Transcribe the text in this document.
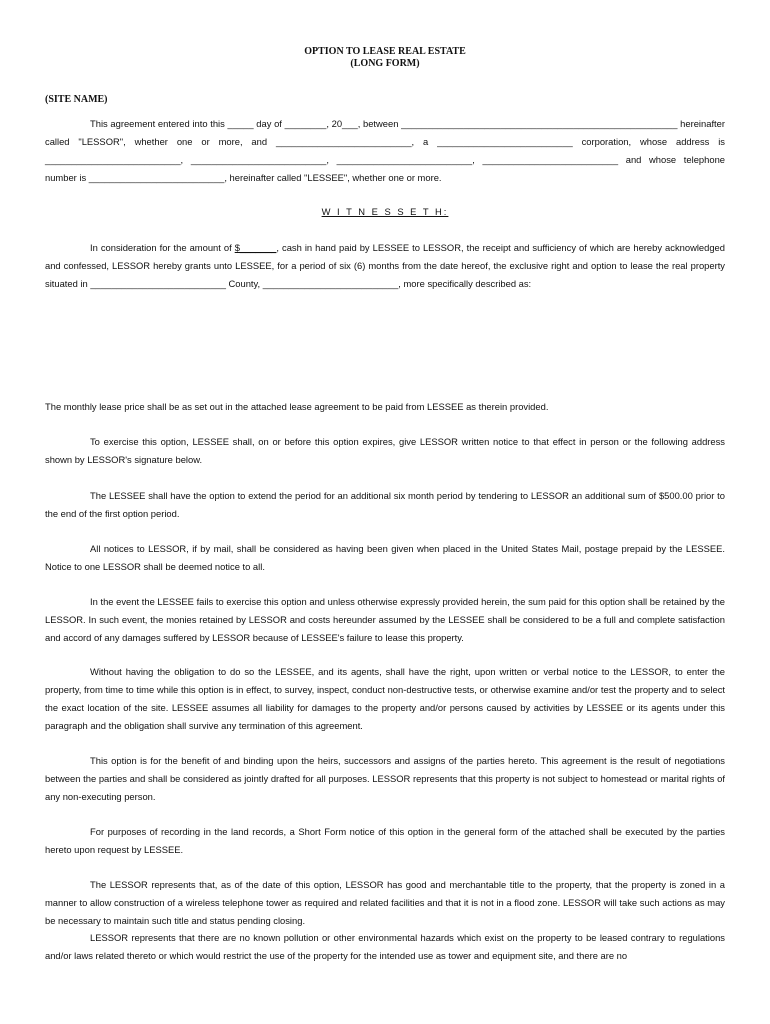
OPTION TO LEASE REAL ESTATE
(LONG FORM)
(SITE NAME)

This agreement entered into this _____ day of ________, 20___, between _____________________________________________________ hereinafter called "LESSOR", whether one or more, and __________________________, a __________________________ corporation, whose address is __________________________, __________________________, __________________________, __________________________ and whose telephone number is __________________________, hereinafter called "LESSEE", whether one or more.

W I T N E S S E T H:

In consideration for the amount of $_______, cash in hand paid by LESSEE to LESSOR, the receipt and sufficiency of which are hereby acknowledged and confessed, LESSOR hereby grants unto LESSEE, for a period of six (6) months from the date hereof, the exclusive right and option to lease the real property situated in __________________________ County, __________________________, more specifically described as:

The monthly lease price shall be as set out in the attached lease agreement to be paid from LESSEE as therein provided.

To exercise this option, LESSEE shall, on or before this option expires, give LESSOR written notice to that effect in person or the following address shown by LESSOR's signature below.

The LESSEE shall have the option to extend the period for an additional six month period by tendering to LESSOR an additional sum of $500.00 prior to the end of the first option period.

All notices to LESSOR, if by mail, shall be considered as having been given when placed in the United States Mail, postage prepaid by the LESSEE. Notice to one LESSOR shall be deemed notice to all.

In the event the LESSEE fails to exercise this option and unless otherwise expressly provided herein, the sum paid for this option shall be retained by the LESSOR. In such event, the monies retained by LESSOR and costs hereunder assumed by the LESSEE shall be considered to be a full and complete satisfaction and accord of any damages suffered by LESSOR because of LESSEE's failure to lease this property.

Without having the obligation to do so the LESSEE, and its agents, shall have the right, upon written or verbal notice to the LESSOR, to enter the property, from time to time while this option is in effect, to survey, inspect, conduct non-destructive tests, or otherwise examine and/or test the property and to select the exact location of the site. LESSEE assumes all liability for damages to the property and/or persons caused by activities by LESSEE or its agents under this paragraph and the obligation shall survive any termination of this agreement.

This option is for the benefit of and binding upon the heirs, successors and assigns of the parties hereto. This agreement is the result of negotiations between the parties and shall be considered as jointly drafted for all purposes. LESSOR represents that this property is not subject to homestead or marital rights of any non-executing person.

For purposes of recording in the land records, a Short Form notice of this option in the general form of the attached shall be executed by the parties hereto upon request by LESSEE.

The LESSOR represents that, as of the date of this option, LESSOR has good and merchantable title to the property, that the property is zoned in a manner to allow construction of a wireless telephone tower as required and related facilities and that it is not in a flood zone. LESSOR will take such actions as may be necessary to maintain such title and status pending closing.

LESSOR represents that there are no known pollution or other environmental hazards which exist on the property to be leased contrary to regulations and/or laws related thereto or which would restrict the use of the property for the intended use as tower and equipment site, and there are no
